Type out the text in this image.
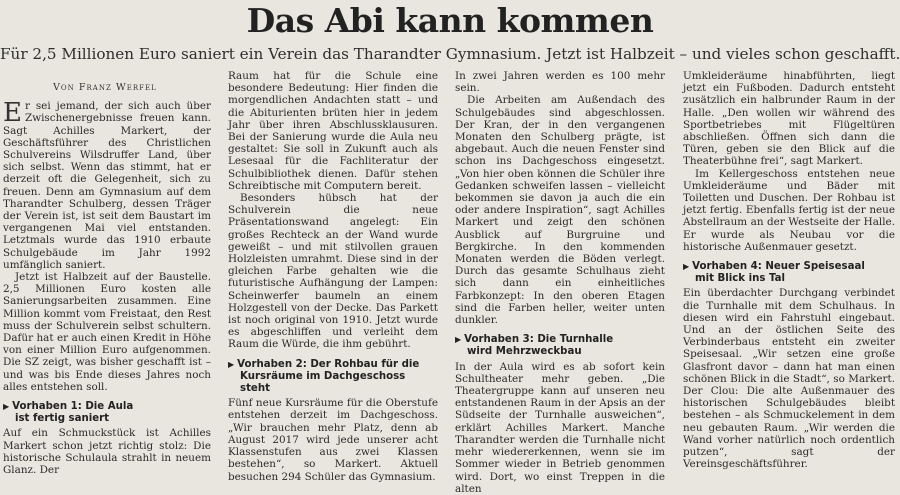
Das Abi kann kommen
Für 2,5 Millionen Euro saniert ein Verein das Tharandter Gymnasium. Jetzt ist Halbzeit – und vieles schon geschafft.
Von Franz Werfel

Er sei jemand, der sich auch über Zwischenergebnisse freuen kann. Sagt Achilles Markert, der Geschäftsführer des Christlichen Schulvereins Wilsdruffer Land, über sich selbst. Wenn das stimmt, hat er derzeit oft die Gelegenheit, sich zu freuen. Denn am Gymnasium auf dem Tharandter Schulberg, dessen Träger der Verein ist, ist seit dem Baustart im vergangenen Mai viel entstanden. Letztmals wurde das 1910 erbaute Schulgebäude im Jahr 1992 umfänglich saniert.

Jetzt ist Halbzeit auf der Baustelle. 2,5 Millionen Euro kosten alle Sanierungsarbeiten zusammen. Eine Million kommt vom Freistaat, den Rest muss der Schulverein selbst schultern. Dafür hat er auch einen Kredit in Höhe von einer Million Euro aufgenommen. Die SZ zeigt, was bisher geschafft ist – und was bis Ende dieses Jahres noch alles entstehen soll.

▶ Vorhaben 1: Die Aula
ist fertig saniert

Auf ein Schmuckstück ist Achilles Markert schon jetzt richtig stolz: Die historische Schulaula strahlt in neuem Glanz. Der

Raum hat für die Schule eine besondere Bedeutung: Hier finden die morgendlichen Andachten statt – und die Abiturienten brüten hier in jedem Jahr über ihren Abschlussklausuren. Bei der Sanierung wurde die Aula neu gestaltet: Sie soll in Zukunft auch als Lesesaal für die Fachliteratur der Schulbibliothek dienen. Dafür stehen Schreibtische mit Computern bereit.

Besonders hübsch hat der Schulverein die neue Präsentationswand angelegt: Ein großes Rechteck an der Wand wurde geweißt – und mit stilvollen grauen Holzleisten umrahmt. Diese sind in der gleichen Farbe gehalten wie die futuristische Aufhängung der Lampen: Scheinwerfer baumeln an einem Holzgestell von der Decke. Das Parkett ist noch original von 1910. Jetzt wurde es abgeschliffen und verleiht dem Raum die Würde, die ihm gebührt.

▶ Vorhaben 2: Der Rohbau für die
Kursräume im Dachgeschoss steht

Fünf neue Kursräume für die Oberstufe entstehen derzeit im Dachgeschoss. „Wir brauchen mehr Platz, denn ab August 2017 wird jede unserer acht Klassenstufen aus zwei Klassen bestehen“, so Markert. Aktuell besuchen 294 Schüler das Gymnasium.

In zwei Jahren werden es 100 mehr sein.

Die Arbeiten am Außendach des Schulgebäudes sind abgeschlossen. Der Kran, der in den vergangenen Monaten den Schulberg prägte, ist abgebaut. Auch die neuen Fenster sind schon ins Dachgeschoss eingesetzt. „Von hier oben können die Schüler ihre Gedanken schweifen lassen – vielleicht bekommen sie davon ja auch die ein oder andere Inspiration“, sagt Achilles Markert und zeigt den schönen Ausblick auf Burgruine und Bergkirche. In den kommenden Monaten werden die Böden verlegt. Durch das gesamte Schulhaus zieht sich dann ein einheitliches Farbkonzept: In den oberen Etagen sind die Farben heller, weiter unten dunkler.

▶ Vorhaben 3: Die Turnhalle
wird Mehrzweckbau

In der Aula wird es ab sofort kein Schultheater mehr geben. „Die Theatergruppe kann auf unseren neu entstandenen Raum in der Apsis an der Südseite der Turnhalle ausweichen“, erklärt Achilles Markert. Manche Tharandter werden die Turnhalle nicht mehr wiedererkennen, wenn sie im Sommer wieder in Betrieb genommen wird. Dort, wo einst Treppen in die alten

Umkleideräume hinabführten, liegt jetzt ein Fußboden. Dadurch entsteht zusätzlich ein halbrunder Raum in der Halle. „Den wollen wir während des Sportbetriebes mit Flügeltüren abschließen. Öffnen sich dann die Türen, geben sie den Blick auf die Theaterbühne frei“, sagt Markert.

Im Kellergeschoss entstehen neue Umkleideräume und Bäder mit Toiletten und Duschen. Der Rohbau ist jetzt fertig. Ebenfalls fertig ist der neue Abstellraum an der Westseite der Halle. Er wurde als Neubau vor die historische Außenmauer gesetzt.

▶ Vorhaben 4: Neuer Speisesaal
mit Blick ins Tal

Ein überdachter Durchgang verbindet die Turnhalle mit dem Schulhaus. In diesen wird ein Fahrstuhl eingebaut. Und an der östlichen Seite des Verbinderbaus entsteht ein zweiter Speisesaal. „Wir setzen eine große Glasfront davor – dann hat man einen schönen Blick in die Stadt“, so Markert. Der Clou: Die alte Außenmauer des historischen Schulgebäudes bleibt bestehen – als Schmuckelement in dem neu gebauten Raum. „Wir werden die Wand vorher natürlich noch ordentlich putzen“, sagt der Vereinsgeschäftsführer.
